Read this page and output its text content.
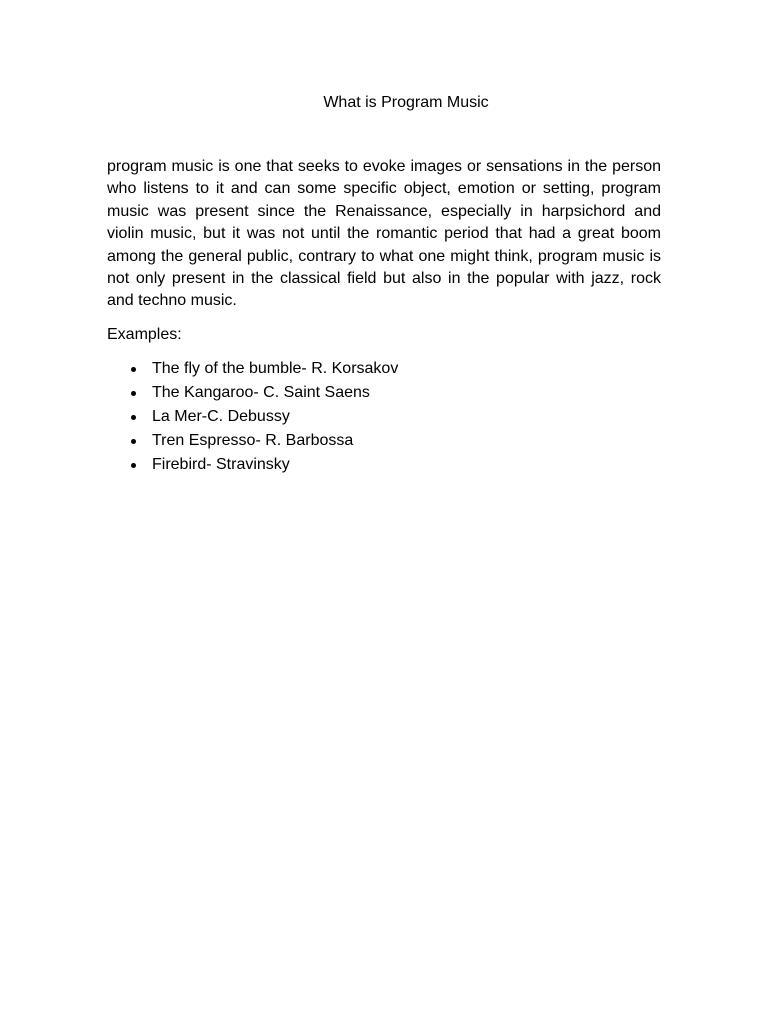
What is Program Music

program music is one that seeks to evoke images or sensations in the person who listens to it and can some specific object, emotion or setting, program music was present since the Renaissance, especially in harpsichord and violin music, but it was not until the romantic period that had a great boom among the general public, contrary to what one might think, program music is not only present in the classical field but also in the popular with jazz, rock and techno music.

Examples:

The fly of the bumble- R. Korsakov
The Kangaroo- C. Saint Saens
La Mer-C. Debussy
Tren Espresso- R. Barbossa
Firebird- Stravinsky
